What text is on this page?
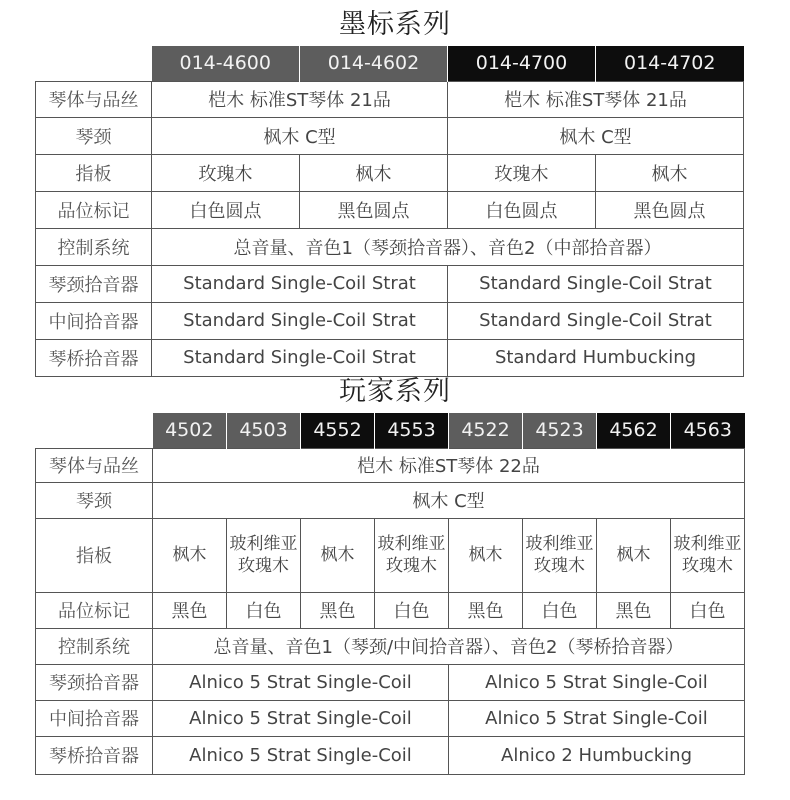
墨标系列
	014-4600	014-4602	014-4700	014-4702
琴体与品丝	桤木 标准ST琴体 21品		桤木 标准ST琴体 21品	
琴颈	枫木 C型		枫木 C型	
指板	玫瑰木	枫木	玫瑰木	枫木
品位标记	白色圆点	黑色圆点	白色圆点	黑色圆点
控制系统	总音量、音色1（琴颈拾音器）、音色2（中部拾音器）			
琴颈拾音器	Standard Single-Coil Strat		Standard Single-Coil Strat	
中间拾音器	Standard Single-Coil Strat		Standard Single-Coil Strat	
琴桥拾音器	Standard Single-Coil Strat		Standard Humbucking	
玩家系列
	4502	4503	4552	4553	4522	4523	4562	4563
琴体与品丝	桤木 标准ST琴体 22品							
琴颈	枫木 C型							
指板	枫木	玻利维亚玫瑰木	枫木	玻利维亚玫瑰木	枫木	玻利维亚玫瑰木	枫木	玻利维亚玫瑰木
品位标记	黑色	白色	黑色	白色	黑色	白色	黑色	白色
控制系统	总音量、音色1（琴颈/中间拾音器）、音色2（琴桥拾音器）							
琴颈拾音器	Alnico 5 Strat Single-Coil				Alnico 5 Strat Single-Coil			
中间拾音器	Alnico 5 Strat Single-Coil				Alnico 5 Strat Single-Coil			
琴桥拾音器	Alnico 5 Strat Single-Coil				Alnico 2 Humbucking			
